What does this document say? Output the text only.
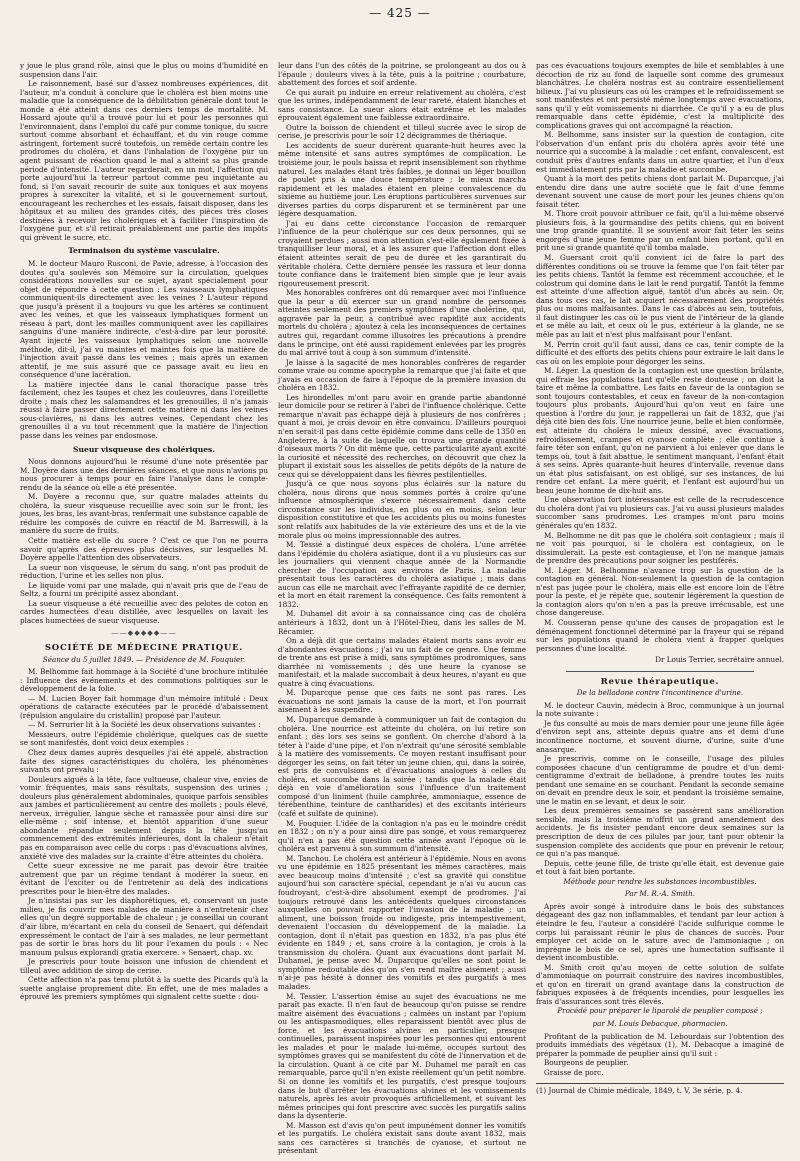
— 425 —

y joue le plus grand rôle, ainsi que le plus ou moins d'humidité en suspension dans l'air.

Le raisonnement, basé sur d'assez nombreuses expériences, dit l'auteur, m'a conduit à conclure que le choléra est bien moins une maladie que la conséquence de la débilitation générale dont tout le monde a été atteint dans ces derniers temps de mortalité. M. Hossard ajoute qu'il a trouvé pour lui et pour les personnes qui l'environnaient, dans l'emploi du café pur comme tonique, du sucre surtout comme absorbant et échauffant, et du vin rouge comme astringent, fortement sucré toutefois, un remède certain contre les prodromes du choléra, et dans l'inhalation de l'oxygène pur un agent puissant de réaction quand le mal a atteint sa plus grande période d'intensité. L'auteur regarderait, en un mot, l'affection qui porte aujourd'hui la terreur partout comme peu inquiétante au fond, si l'on savait recourir de suite aux toniques et aux moyens propres à surexciter la vitalité, et si le gouvernement surtout, encourageant les recherches et les essais, faisait disposer, dans les hôpitaux et au milieu des grandes cités, des pièces très closes destinées à recevoir les cholériques et à faciliter l'inspiration de l'oxygène pur, et s'il retirait préalablement une partie des impôts qui grèvent le sucre, etc.

Terminaison du système vasculaire.

M. le docteur Mauro Rusconi, de Pavie, adresse, à l'occasion des doutes qu'a soulevés son Mémoire sur la circulation, quelques considérations nouvelles sur ce sujet, ayant spécialement pour objet de répondre à cette question : Les vaisseaux lymphatiques communiquent-ils directement avec les veines ? L'auteur répond que jusqu'à présent il a toujours vu que les artères se continuent avec les veines, et que les vaisseaux lymphatiques forment un réseau à part, dont les mailles communiquent avec les capillaires sanguins d'une manière indirecte, c'est-à-dire par leur porosité. Ayant injecté les vaisseaux lymphatiques selon une nouvelle méthode, dit-il, j'ai vu maintes et maintes fois que la matière de l'injection avait passé dans les veines ; mais après un examen attentif, je me suis assuré que ce passage avait eu lieu en conséquence d'une lacération.

La matière injectée dans le canal thoracique passe très facilement, chez les taupes et chez les couleuvres, dans l'oreillette droite ; mais chez les salamandres et les grenouilles, il n'a jamais réussi à faire passer directement cette matière ni dans les veines sous-clavières, ni dans les autres veines. Cependant chez les grenouilles il a vu tout récemment que la matière de l'injection passe dans les veines par endosmose.

Sueur visqueuse des cholériques.

Nous donnons aujourd'hui le résumé d'une note présentée par M. Doyère dans une des dernières séances, et que nous n'avions pu nous procurer à temps pour en faire l'analyse dans le compte-rendu de la séance où elle a été présentée.

M. Doyère a reconnu que, sur quatre malades atteints du choléra, la sueur visqueuse recueillie avec soin sur le front, les joues, les bras, les avant-bras, renfermait une substance capable de réduire les composés de cuivre en réactif de M. Barreswill, à la manière du sucre de fruits.

Cette matière est-elle du sucre ? C'est ce que l'on ne pourra savoir qu'après des épreuves plus décisives, sur lesquelles M. Doyère appelle l'attention des observateurs.

La sueur non visqueuse, le sérum du sang, n'ont pas produit de réduction, l'urine et les selles non plus.

Le liquide vomi par une malade, qui n'avait pris que de l'eau de Seltz, a fourni un précipité assez abondant.

La sueur visqueuse a été recueillie avec des pelotes de coton en cardes humectées d'eau distillée, avec lesquelles on lavait les places humectées de sueur visqueuse.

——◆◆◆◆◆——
SOCIÉTÉ DE MÉDECINE PRATIQUE.
Séance du 5 juillet 1849. — Présidence de M. Fouquier.

M. Belhomme fait hommage à la Société d'une brochure intitulée : Influence des événements et des commotions politiques sur le développement de la folie.

— M. Lucien Boyer fait hommage d'un mémoire intitulé : Deux opérations de cataracte exécutées par le procédé d'abaissement (répulsion angulaire du cristallin) proposé par l'auteur.

— M. Serrurier lit à la Société les deux observations suivantes :

Messieurs, outre l'épidémie cholérique, quelques cas de suette se sont manifestés, dont voici deux exemples :

Chez deux dames auprès desquelles j'ai été appelé, abstraction faite des signes caractéristiques du choléra, les phénomènes suivants ont prévalu :

Douleurs aiguës à la tête, face vultueuse, chaleur vive, envies de vomir fréquentes, mais sans résultats, suspension des urines ; douleurs plus généralement abdominales, quoique parfois sensibles aux jambes et particulièrement au centre des mollets ; pouls élevé, nerveux, irrégulier, langue sèche et ramassée pour ainsi dire sur elle-même ; soif intense, et bientôt apparition d'une sueur abondante répandue seulement depuis la tête jusqu'au commencement des extrémités inférieures, dont la chaleur n'était pas en comparaison avec celle du corps : pas d'évacuations alvines, anxiété vive des malades sur la crainte d'être atteintes du choléra.

Cette sueur excessive ne me parait pas devoir être traitée autrement que par un régime tendant à modérer la sueur, en évitant de l'exciter ou de l'entretenir au delà des indications prescrites pour le bien-être des malades.

Je n'insistai pas sur les diaphorétiques, et, conservant un juste milieu, je fis couvrir mes malades de manière à n'entretenir chez elles qu'un degré supportable de chaleur ; je conseillai un courant d'air libre, m'écartant en cela du conseil de Senaert, qui défendait expressément le contact de l'air à ses malades, ne leur permettant pas de sortir le bras hors du lit pour l'examen du pouls : « Nec manuum pulsus explorandi gratia exercere. » Senaert, chap. xv.

Je prescrivis pour toute boisson une infusion de chiendent et tilleul avec addition de sirop de cerise.

Cette affection n'a pas tenu plutôt à la suette des Picards qu'à la suette anglaise proprement dite. En effet, une de mes malades a éprouvé les premiers symptômes qui signalent cette suette : dou-

leur dans l'un des côtés de la poitrine, se prolongeant au dos ou à l'épaule ; douleurs vives à la tête, puis à la poitrine ; courbature, abattement des forces et soif ardente.

Ce qui aurait pu induire en erreur relativement au choléra, c'est que les urines, indépendamment de leur rareté, étaient blanches et sans consistance. La sueur alors était extrême et les malades éprouvaient également une faiblesse extraordinaire.

Outre la boisson de chiendent et tilleul sucrée avec le sirop de cerise, je prescrivis pour le soir 12 décigrammes de thériaque.

Les accidents de sueur durèrent quarante-huit heures avec la même intensité et sans autres symptômes de complication. Le troisième jour, le pouls baissa et reprit insensiblement son rhythme naturel. Les malades étant très faibles, je donnai un léger bouillon de poulet pris à une douce température ; le mieux marcha rapidement et les malades étaient en pleine convalescence du sixième au huitième jour. Les éruptions particulières survenues sur diverses parties du corps disparurent et se terminèrent par une légère desquamation.

J'ai eu dans cette circonstance l'occasion de remarquer l'influence de la peur cholérique sur ces deux personnes, qui se croyaient perdues ; aussi mon attention s'est-elle également fixée à tranquilliser leur moral, et à les assurer que l'affection dont elles étaient atteintes serait de peu de durée et les garantirait du véritable choléra. Cette dernière pensée les rassura et leur donna toute confiance dans le traitement bien simple que je leur avais rigoureusement prescrit.

Mes honorables confrères ont dû remarquer avec moi l'influence que la peur a dû exercer sur un grand nombre de personnes atteintes seulement des premiers symptômes d'une cholérine, qui, aggravée par la peur, a contribué avec rapidité aux accidents mortels du choléra ; ajoutez à cela les inconséquences de certaines autres qui, regardant comme illusoires les précautions à prendre dans le principe, ont été aussi rapidement enlevées par les progrès du mal arrivé tout à coup à son summum d'intensité.

Je laisse à la sagacité de mes honorables confrères de regarder comme vraie ou comme apocryphe la remarque que j'ai faite et que j'avais eu occasion de faire à l'époque de la première invasion du choléra en 1832.

Les hirondelles m'ont paru avoir en grande partie abandonné leur domicile pour se retirer à l'abri de l'influence cholérique. Cette remarque n'avait pas échappé déjà à plusieurs de nos confrères ; quant à moi, je crois devoir en être convaincu. D'ailleurs pourquoi n'en serait-il pas dans cette épidémie comme dans celle de 1350 en Angleterre, à la suite de laquelle on trouva une grande quantité d'oiseaux morts ? On dit même que, cette particularité ayant excité la curiosité et nécessité des recherches, on découvrit que chez la plupart il existait sous les aisselles de petits dépôts de la nature de ceux qui se développaient dans les fièvres pestilentielles.

Jusqu'à ce que nous soyons plus éclairés sur la nature du choléra, nous dirons que nous sommes portés à croire qu'une influence atmosphérique s'exerce nécessairement dans cette circonstance sur les individus, en plus ou en moins, selon leur disposition constitutive et que les accidents plus ou moins funestes sont relatifs aux habitudes de la vie extérieure des uns et de la vie morale plus ou moins impressionnable des autres.

M. Tessié a distingué deux espèces de choléra. L'une arrêtée dans l'épidémie du choléra asiatique, dont il a vu plusieurs cas sur les journaliers qui viennent chaque année de la Normandie chercher de l'occupation aux environs de Paris. La maladie présentait tous les caractères du choléra asiatique ; mais dans aucun cas elle ne marchait avec l'effrayante rapidité de ce dernier, et la mort en était rarement la conséquence. Ces faits remontent à 1832.

M. Duhamel dit avoir à sa connaissance cinq cas de choléra antérieurs à 1832, dont un à l'Hôtel-Dieu, dans les salles de M. Récamier.

On a déjà dit que certains malades étaient morts sans avoir eu d'abondantes évacuations ; j'ai vu un fait de ce genre. Une femme de trente ans est prise à midi, sans symptômes prodromiques, sans diarrhée ni vomissements ; dès une heure la cyanose se manifestait, et la malade succombait à deux heures, n'ayant eu que quatre à cinq évacuations.

M. Duparcque pense que ces faits ne sont pas rares. Les évacuations ne sont jamais la cause de la mort, et l'on pourrait aisément à les suspendre.

M. Duparcque demande à communiquer un fait de contagion du choléra. Une nourrice est atteinte du choléra, on lui retire son enfant ; dès lors ses seins se gonflent. On cherche d'abord à la téter à l'aide d'une pipe, et l'on n'extrait qu'une sérosité semblable à la matière des vomissements. Ce moyen restant insuffisant pour dégorger les seins, on fait téter un jeune chien, qui, dans la soirée, est pris de convulsions et d'évacuations analogues à celles du choléra, et succombe dans la soirée ; tandis que la malade était déjà en voie d'amélioration sous l'influence d'un traitement composé d'un liniment (huile camphrée, ammoniaque, essence de térébenthine, teinture de cantharides) et des excitants intérieurs (café et sulfate de quinine).

M. Fouquier. L'idée de la contagion n'a pas eu le moindre crédit en 1832 ; on n'y a pour ainsi dire pas songé, et vous remarquerez qu'il n'en a pas été question cette année avant l'époque où le choléra est parvenu à son summum d'intensité.

M. Tanchou. Le choléra est antérieur à l'épidémie. Nous en avons vu une épidémie en 1825 présentant les mêmes caractères, mais avec beaucoup moins d'intensité ; c'est sa gravité qui constitue aujourd'hui son caractère spécial, cependant je n'ai vu aucun cas foudroyant, c'est-à-dire absolument exempt de prodromes. J'ai toujours retrouvé dans les antécédents quelques circonstances auxquelles on pouvait rapporter l'invasion de la maladie ; un aliment, une boisson froide ou indigeste, pris intempestivement, devenaient l'occasion du développement de la maladie. La contagion, dont il n'était pas question en 1832, n'a pas plus été évidente en 1849 ; et, sans croire à la contagion, je crois à la transmission du choléra. Quant aux évacuations dont parlait M. Duhamel, je pense avec M. Duparcque qu'elles ne sont point le symptôme redoutable dès qu'on s'en rend maître aisément ; aussi n'ai-je pas hésité à donner des vomitifs et des purgatifs à mes malades.

M. Tessier. L'assertion émise au sujet des évacuations ne me paraît pas exacte. Il n'en faut de beaucoup qu'on puisse se rendre maître aisément des évacuations ; calmées un instant par l'opium ou les antispasmodiques, elles reparaissent bientôt avec plus de force, et les évacuations alvines en particulier, presque continuelles, paraissent inspirées pour les personnes qui entourent les malades et pour le malade lui-même, occupés surtout des symptômes graves qui se manifestent du côté de l'innervation et de la circulation. Quant à ce cité par M. Duhamel me paraît en cas remarquable, parce qu'il n'en existe réellement qu'un petit nombre. Si on donne les vomitifs et les purgatifs, c'est presque toujours dans le but d'arrêter les évacuations alvines et les vomissements naturels, après les avoir provoqués artificiellement, et suivant les mêmes principes qui font prescrire avec succès les purgatifs salins dans la dysenterie.

M. Masson est d'avis qu'on peut impunément donner les vomitifs et les purgatifs. Le choléra existait sans doute avant 1832, mais sans ces caractères si tranchés de cyanose, et surtout ne présentant

pas ces évacuations toujours exemptes de bile et semblables à une décoction de riz au fond de laquelle sont comme des grumeaux blanchâtres. Le choléra nostras est au contraire essentiellement bilieux. J'ai vu plusieurs cas où les crampes et le refroidissement se sont manifestés et ont persisté même longtemps avec évacuations, sans qu'il y eût vomissements ni diarrhée. Ce qu'il y a eu de plus remarquable dans cette épidémie, c'est la multiplicité des complications graves qui ont accompagné la réaction.

M. Belhomme, sans insister sur la question de contagion, cite l'observation d'un enfant pris du choléra après avoir tété une nourrice qui a succombé à la maladie ; cet enfant, convalescent, est conduit près d'autres enfants dans un autre quartier, et l'un d'eux est immédiatement pris par la maladie et succombe.

Quant à la mort des petits chiens dont parlait M. Duparcque, j'ai entendu dire dans une autre société que le fait d'une femme devenant souvent une cause de mort pour les jeunes chiens qu'on faisait téter.

M. Thore croit pouvoir attribuer ce fait, qu'il a lui-même observé plusieurs fois, à la gourmandise des petits chiens, qui en boivent une trop grande quantité. Il se souvient avoir fait téter les seins engorgés d'une jeune femme par un enfant bien portant, qu'il en prit une si grande quantité qu'il tomba malade.

M. Guersant croit qu'il convient ici de faire la part des différentes conditions où se trouve la femme que l'on fait téter par les petits chiens. Tantôt la femme est récemment accouchée, et le colostrum qui domine dans le lait le rend purgatif. Tantôt la femme est atteinte d'une affection aiguë, tantôt d'un abcès au sein. Or, dans tous ces cas, le lait acquiert nécessairement des propriétés plus ou moins malfaisantes. Dans le cas d'abcès au sein, toutefois, il faut distinguer les cas où le pus vient de l'intérieur de la glande et se mêle au lait, et ceux où le pus, extérieur à la glande, ne se mêle pas au lait et n'est plus malfaisant pour l'enfant.

M. Perrin croit qu'il faut aussi, dans ce cas, tenir compte de la difficulté et des efforts des petits chiens pour extraire le lait dans le cas où on les emploie pour dégorger les seins.

M. Léger. La question de la contagion est une question brûlante, qui effraie les populations tant qu'elle reste douteuse ; on doit la taire et même la combattre. Les faits en faveur de la contagion se sont toujours contestables, et ceux en faveur de la non-contagion toujours plus probants. Aujourd'hui qu'on veut en faire une question à l'ordre du jour, je rappellerai un fait de 1832, que j'ai déjà cité bien des fois. Une nourrice jeune, belle et bien conformée, est atteinte du choléra le mieux dessiné, avec évacuations, refroidissement, crampes et cyanose complète ; elle continue à faire téter son enfant, qu'on ne parvient à lui enlever que dans le temps où, tout à fait abattue, le sentiment manquant, l'enfant était à ses seins. Après quarante-huit heures d'intervalle, revenue dans un état plus satisfaisant, on est obligé, sur ses instances, de lui rendre cet enfant. La mère guérit, et l'enfant est aujourd'hui un beau jeune homme de dix-huit ans.

Une observation fort intéressante est celle de la recrudescence du choléra dont j'ai vu plusieurs cas. J'ai vu aussi plusieurs malades succomber sans prodromes. Les crampes m'ont paru moins générales qu'en 1832.

M. Belhomme ne dit pas que le choléra soit contagieux ; mais il ne voit pas pourquoi, si le choléra est contagieux, on le dissimulerait. La peste est contagieuse, et l'on ne manque jamais de prendre des précautions pour soigner les pestiférés.

M. Léger. M. Belhomme n'avance trop sur la question de la contagion en général. Non-seulement la question de la contagion n'est pas jugée pour le choléra, mais elle est encore loin de l'être pour la peste, et je répète que, soutenir légèrement la question de la contagion alors qu'on n'en a pas la preuve irrécusable, est une chose dangereuse.

M. Cousseran pense qu'une des causes de propagation est le déménagement fonctionnel déterminé par la frayeur qui se répand sur les populations quand le choléra vient à frapper quelques personnes d'une localité.

Dr Louis Terrier, secrétaire annuel.
Revue thérapeutique.
De la belladone contre l'incontinence d'urine.

M. le docteur Cauvin, médecin à Broc, communique à un journal la note suivante :

Je fus consulté au mois de mars dernier pour une jeune fille âgée d'environ sept ans, atteinte depuis quatre ans et demi d'une incontinence nocturne, et souvent diurne, d'urine, suite d'une anasarque.

Je prescrivis, comme on le conseille, l'usage des pilules composées chacune d'un centigramme de poudre et d'un demi-centigramme d'extrait de belladone, à prendre toutes les nuits pendant une semaine en se couchant. Pendant la seconde semaine on devait en prendre deux le soir, et pendant la troisième semaine, une le matin en se levant, et deux le soir.

Les deux premières semaines se passèrent sans amélioration sensible, mais la troisième m'offrit un grand amendement des accidents. Je fis insister pendant encore deux semaines sur la prescription de deux de ces pilules par jour, tant pour obtenir la suspension complète des accidents que pour en prévenir le retour, ce qui n'a pas manqué.

Depuis, cette jeune fille, de triste qu'elle était, est devenue gaie et tout à fait bien portante.

Méthode pour rendre les substances incombustibles.
Par M. R.-A. Smith.

Après avoir songé à introduire dans le bois des substances dégageant des gaz non inflammables, et tendant par leur action à éteindre le feu, l'auteur a considéré l'acide sulfurique comme le corps lui paraissant réunir le plus de chances de succès. Pour employer cet acide on le sature avec de l'ammoniaque ; on imprègne le bois de ce sel, après une humectation suffisante il devient incombustible.

M. Smith croit qu'au moyen de cette solution de sulfate d'ammoniaque on pourrait construire des navires incombustibles, et qu'on en tirerait un grand avantage dans la construction de fabriques exposées à de fréquents incendies, pour lesquelles les frais d'assurances sont très élevés.

Procédé pour préparer le liparolé de peuplier composé ;
par M. Louis Debacque, pharmacien.

Profitant de la publication de M. Lebourdais sur l'obtention des produits immédiats des végétaux (1), M. Debacque a imaginé de préparer la pommade de peuplier ainsi qu'il suit :

Bourgeons de peuplier.

Graisse de porc.

(1) Journal de Chimie médicale, 1849, t. V, 3e série, p. 4.
